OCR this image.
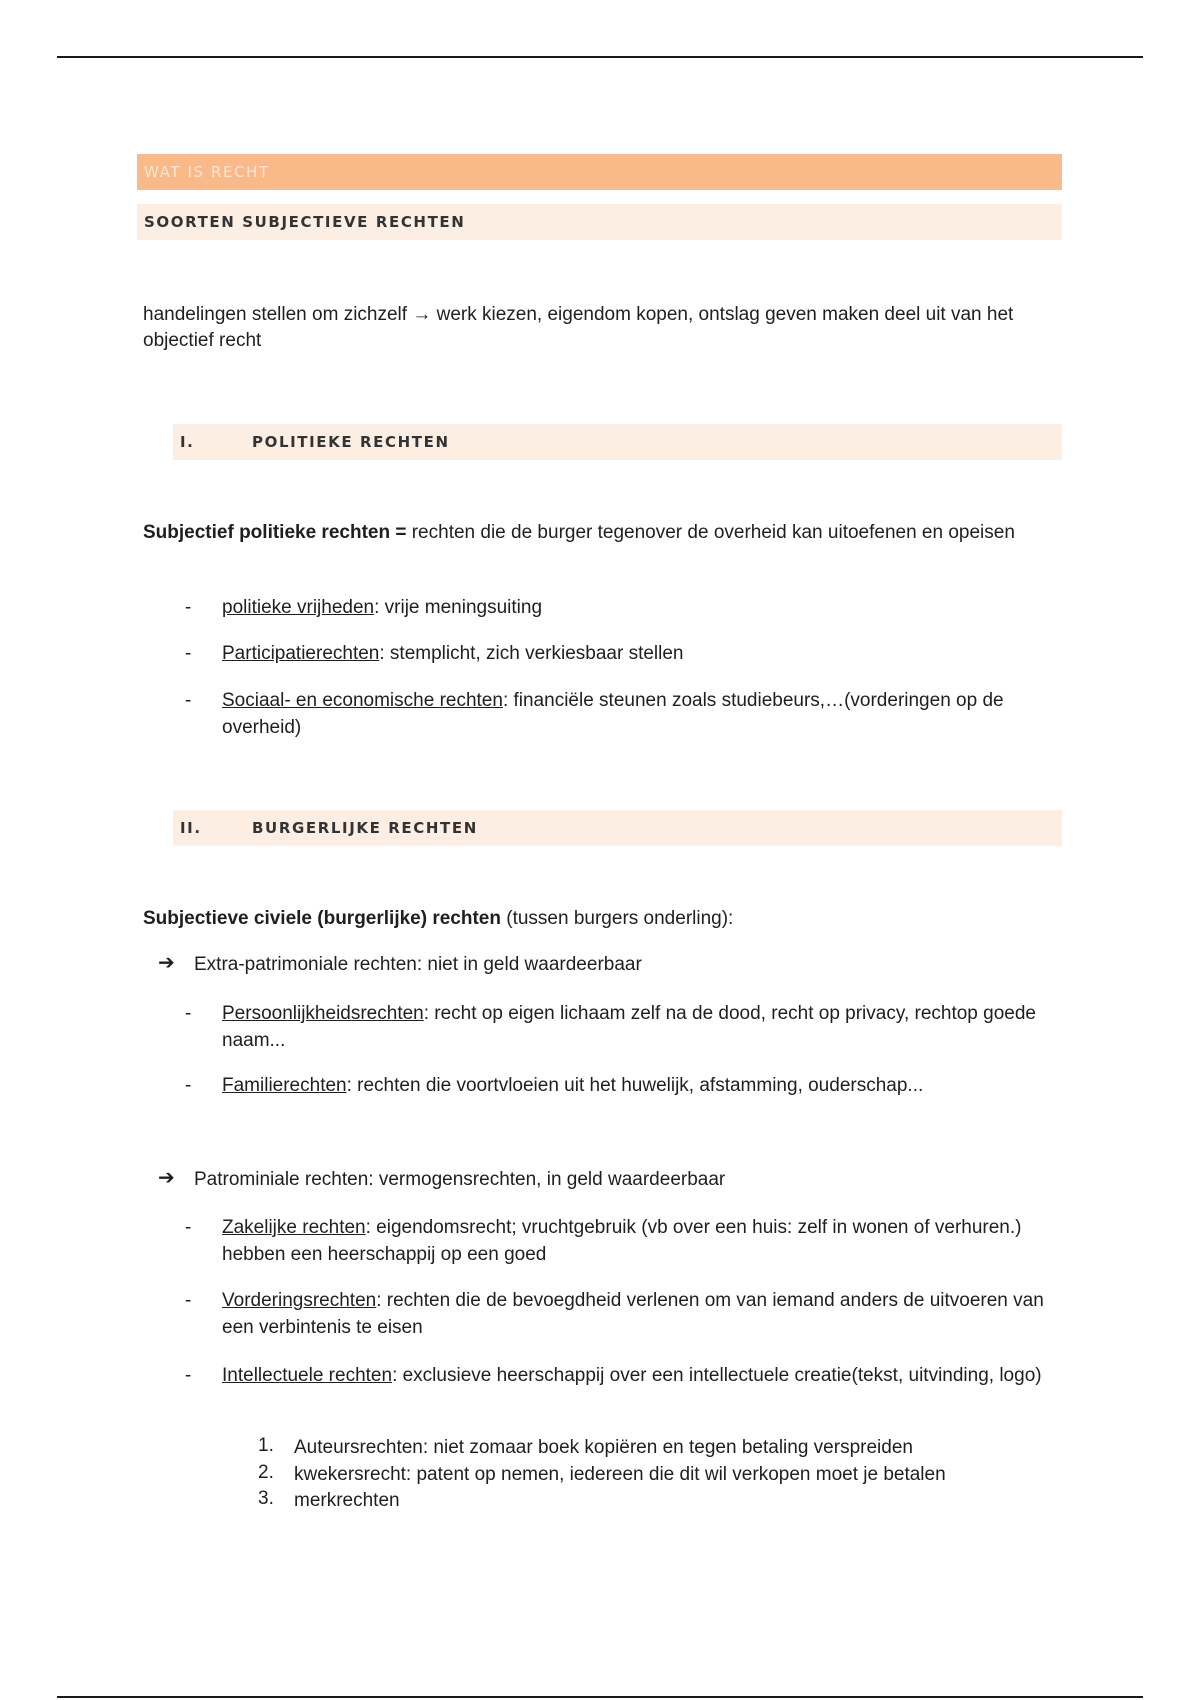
WAT IS RECHT
SOORTEN SUBJECTIEVE RECHTEN
handelingen stellen om zichzelf → werk kiezen, eigendom kopen, ontslag geven maken deel uit van het objectief recht
I.	POLITIEKE RECHTEN
Subjectief politieke rechten = rechten die de burger tegenover de overheid kan uitoefenen en opeisen
- politieke vrijheden: vrije meningsuiting
- Participatierechten: stemplicht, zich verkiesbaar stellen
- Sociaal- en economische rechten: financiële steunen zoals studiebeurs,…(vorderingen op de overheid)
II.	BURGERLIJKE RECHTEN
Subjectieve civiele (burgerlijke) rechten (tussen burgers onderling):
➔ Extra-patrimoniale rechten: niet in geld waardeerbaar
- Persoonlijkheidsrechten: recht op eigen lichaam zelf na de dood, recht op privacy, rechtop goede naam...
- Familierechten: rechten die voortvloeien uit het huwelijk, afstamming, ouderschap...
➔ Patrominiale rechten: vermogensrechten, in geld waardeerbaar
- Zakelijke rechten: eigendomsrecht; vruchtgebruik (vb over een huis: zelf in wonen of verhuren.) hebben een heerschappij op een goed
- Vorderingsrechten: rechten die de bevoegdheid verlenen om van iemand anders de uitvoeren van een verbintenis te eisen
- Intellectuele rechten: exclusieve heerschappij over een intellectuele creatie(tekst, uitvinding, logo)
1. Auteursrechten: niet zomaar boek kopiëren en tegen betaling verspreiden
2. kwekersrecht: patent op nemen, iedereen die dit wil verkopen moet je betalen
3. merkrechten
